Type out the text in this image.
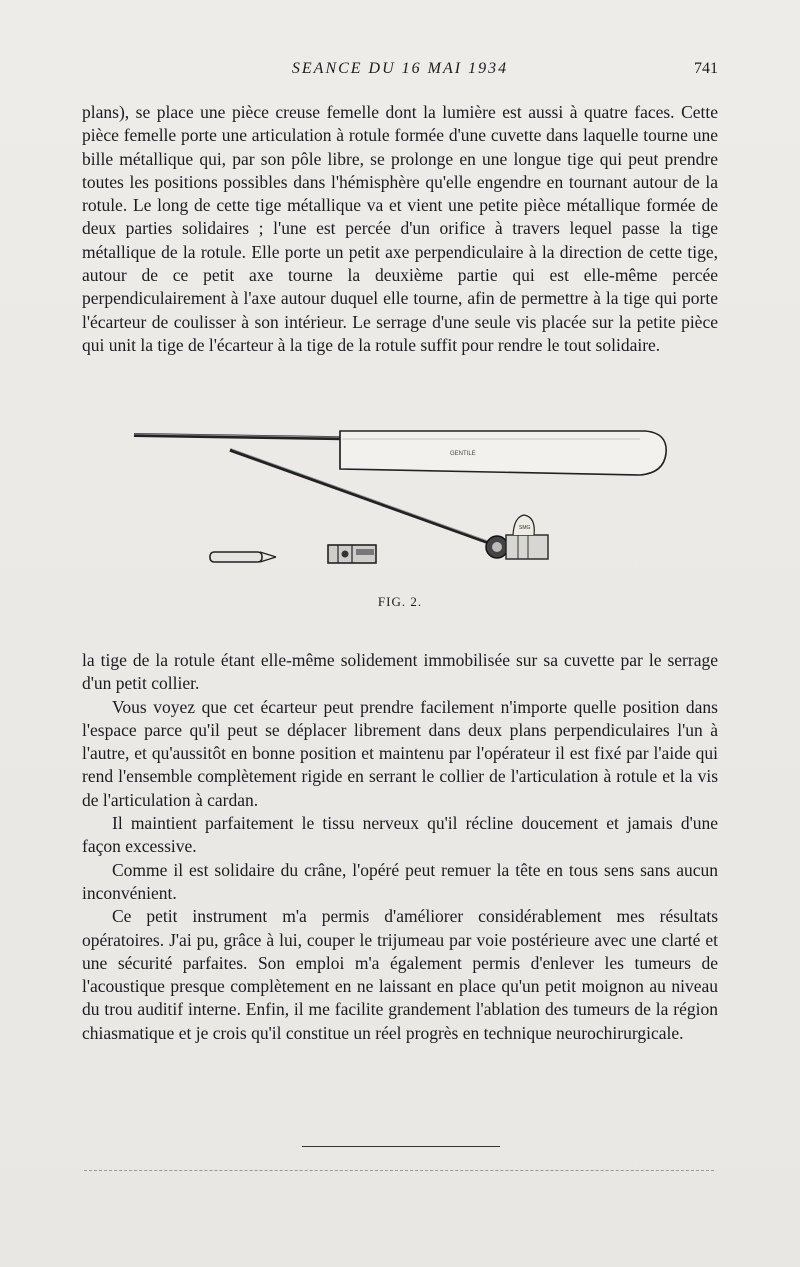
SEANCE DU 16 MAI 1934	741

plans), se place une pièce creuse femelle dont la lumière est aussi à quatre faces. Cette pièce femelle porte une articulation à rotule formée d'une cuvette dans laquelle tourne une bille métallique qui, par son pôle libre, se prolonge en une longue tige qui peut prendre toutes les positions possibles dans l'hémisphère qu'elle engendre en tournant autour de la rotule. Le long de cette tige métallique va et vient une petite pièce métallique formée de deux parties solidaires ; l'une est percée d'un orifice à travers lequel passe la tige métallique de la rotule. Elle porte un petit axe perpendiculaire à la direction de cette tige, autour de ce petit axe tourne la deuxième partie qui est elle-même percée perpendiculairement à l'axe autour duquel elle tourne, afin de permettre à la tige qui porte l'écarteur de coulisser à son intérieur. Le serrage d'une seule vis placée sur la petite pièce qui unit la tige de l'écarteur à la tige de la rotule suffit pour rendre le tout solidaire.

GENTILE
SMG
FIG. 2.

la tige de la rotule étant elle-même solidement immobilisée sur sa cuvette par le serrage d'un petit collier.

Vous voyez que cet écarteur peut prendre facilement n'importe quelle position dans l'espace parce qu'il peut se déplacer librement dans deux plans perpendiculaires l'un à l'autre, et qu'aussitôt en bonne position et maintenu par l'opérateur il est fixé par l'aide qui rend l'ensemble complètement rigide en serrant le collier de l'articulation à rotule et la vis de l'articulation à cardan.

Il maintient parfaitement le tissu nerveux qu'il récline doucement et jamais d'une façon excessive.

Comme il est solidaire du crâne, l'opéré peut remuer la tête en tous sens sans aucun inconvénient.

Ce petit instrument m'a permis d'améliorer considérablement mes résultats opératoires. J'ai pu, grâce à lui, couper le trijumeau par voie postérieure avec une clarté et une sécurité parfaites. Son emploi m'a également permis d'enlever les tumeurs de l'acoustique presque complètement en ne laissant en place qu'un petit moignon au niveau du trou auditif interne. Enfin, il me facilite grandement l'ablation des tumeurs de la région chiasmatique et je crois qu'il constitue un réel progrès en technique neurochirurgicale.
